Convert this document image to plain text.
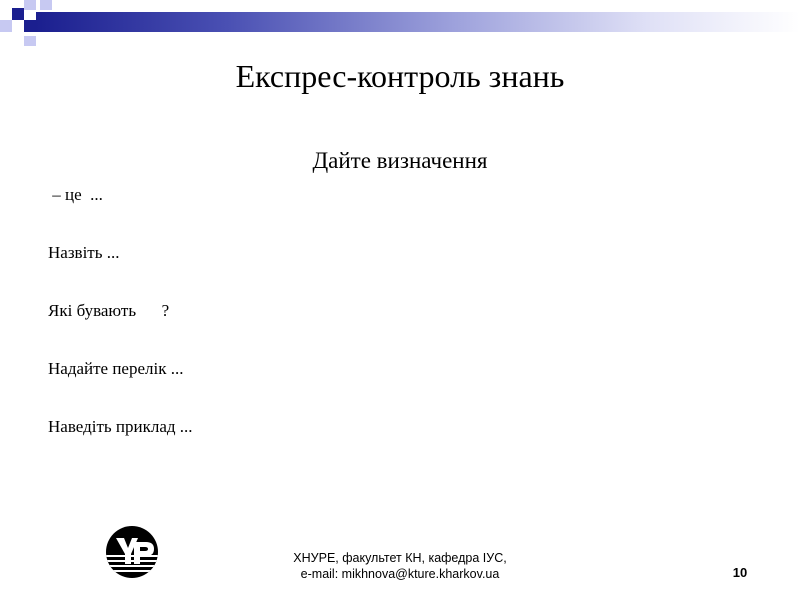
Експрес-контроль знань
Дайте визначення
– це  ...
Назвіть ...
Які бувають      ?
Надайте перелік ...
Наведіть приклад ...
ХНУРЕ, факультет КН, кафедра ІУС,
e-mail: mikhnova@kture.kharkov.ua	10
